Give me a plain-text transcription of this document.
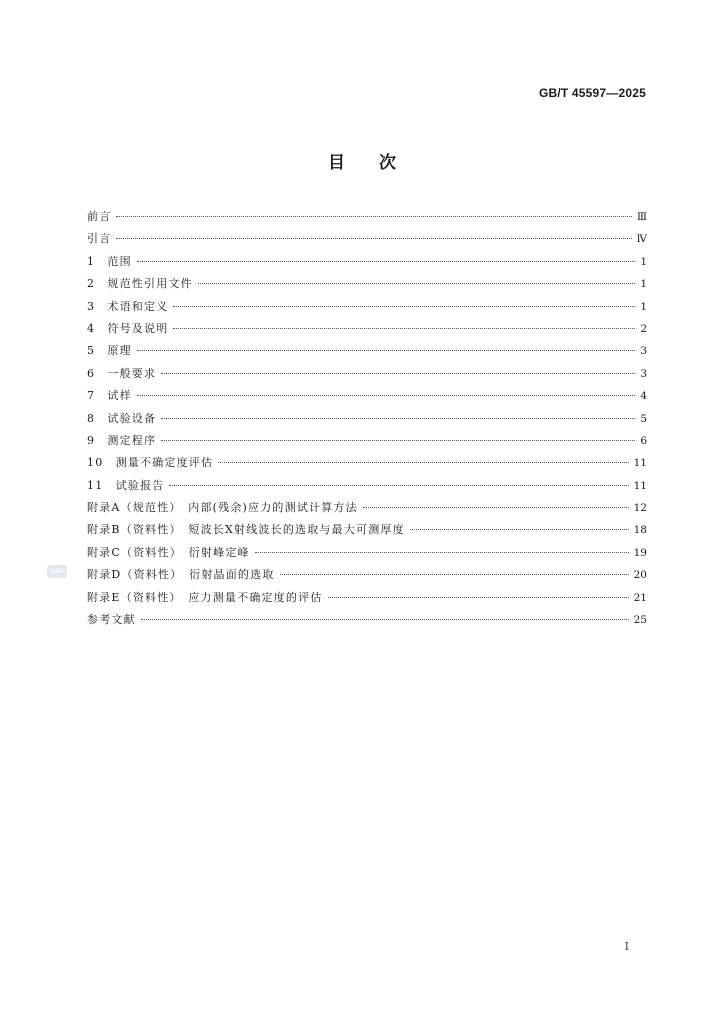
GB/T 45597—2025
目 次
SAC
前言	Ⅲ
引言	Ⅳ
1　范围	1
2　规范性引用文件	1
3　术语和定义	1
4　符号及说明	2
5　原理	3
6　一般要求	3
7　试样	4
8　试验设备	5
9　测定程序	6
10　测量不确定度评估	11
11　试验报告	11
附录A（规范性）　内部(残余)应力的测试计算方法	12
附录B（资料性）　短波长X射线波长的选取与最大可测厚度	18
附录C（资料性）　衍射峰定峰	19
附录D（资料性）　衍射晶面的选取	20
附录E（资料性）　应力测量不确定度的评估	21
参考文献	25
I
